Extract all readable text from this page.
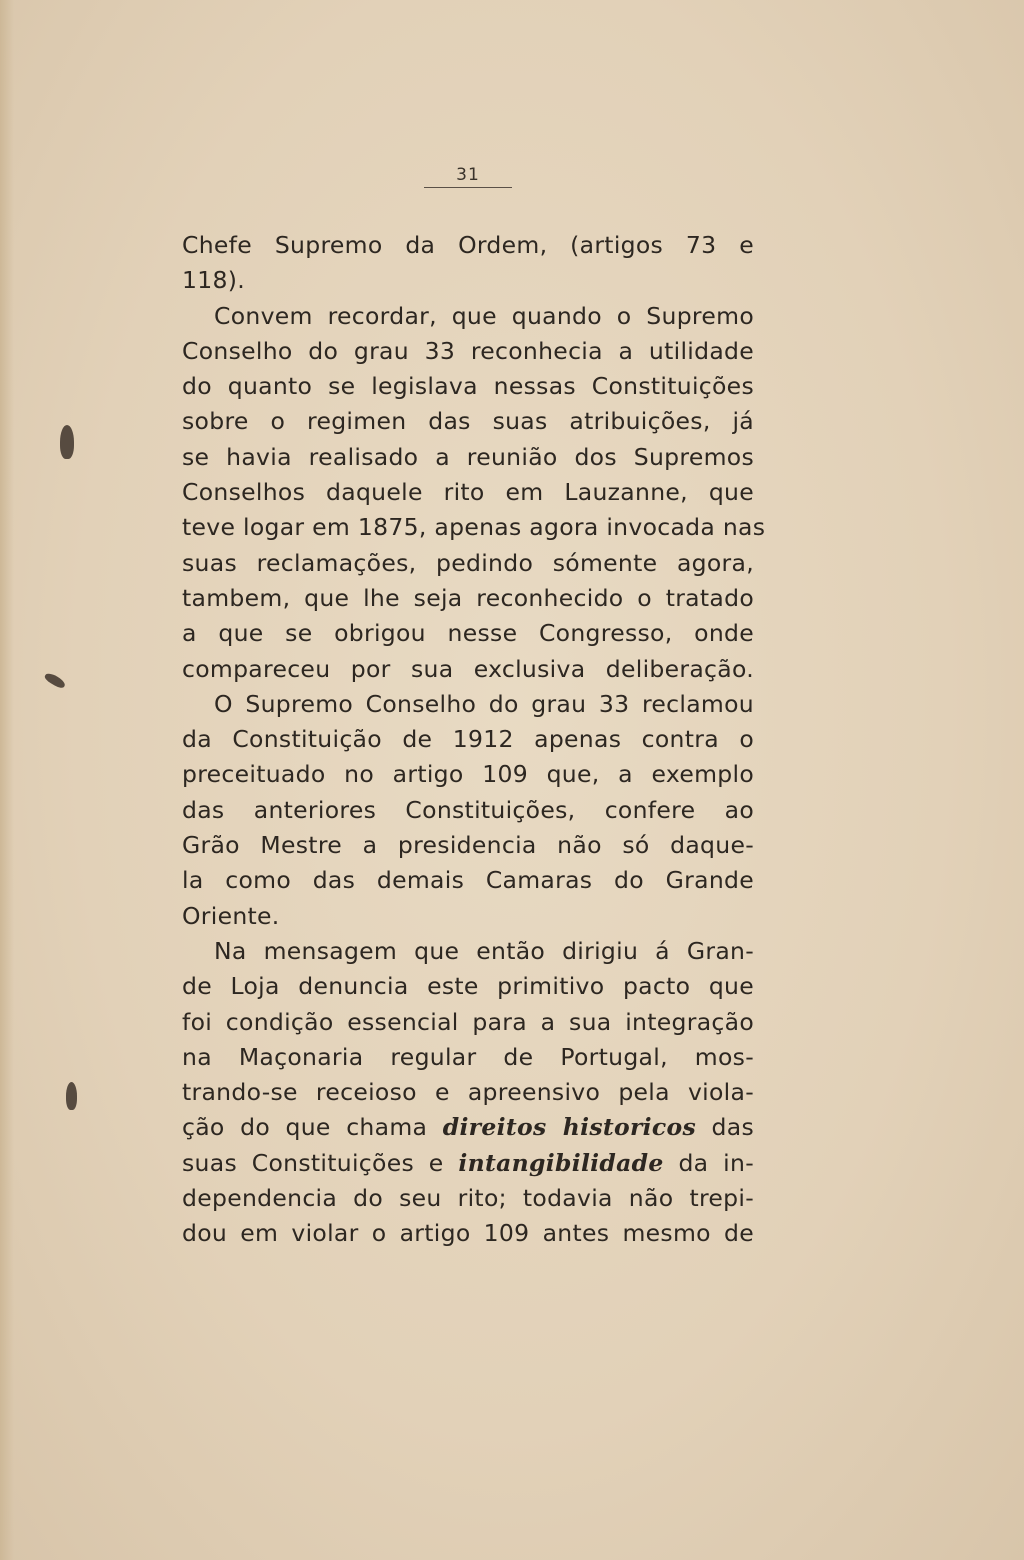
31
Chefe Supremo da Ordem, (artigos 73 e
118).
Convem recordar, que quando o Supremo
Conselho do grau 33 reconhecia a utilidade
do quanto se legislava nessas Constituições
sobre o regimen das suas atribuições, já
se havia realisado a reunião dos Supremos
Conselhos daquele rito em Lauzanne, que
teve logar em 1875, apenas agora invocada nas
suas reclamações, pedindo sómente agora,
tambem, que lhe seja reconhecido o tratado
a que se obrigou nesse Congresso, onde
compareceu por sua exclusiva deliberação.
O Supremo Conselho do grau 33 reclamou
da Constituição de 1912 apenas contra o
preceituado no artigo 109 que, a exemplo
das anteriores Constituições, confere ao
Grão Mestre a presidencia não só daque-
la como das demais Camaras do Grande
Oriente.
Na mensagem que então dirigiu á Gran-
de Loja denuncia este primitivo pacto que
foi condição essencial para a sua integração
na Maçonaria regular de Portugal, mos-
trando-se receioso e apreensivo pela viola-
ção do que chama direitos historicos das
suas Constituições e intangibilidade da in-
dependencia do seu rito; todavia não trepi-
dou em violar o artigo 109 antes mesmo de
